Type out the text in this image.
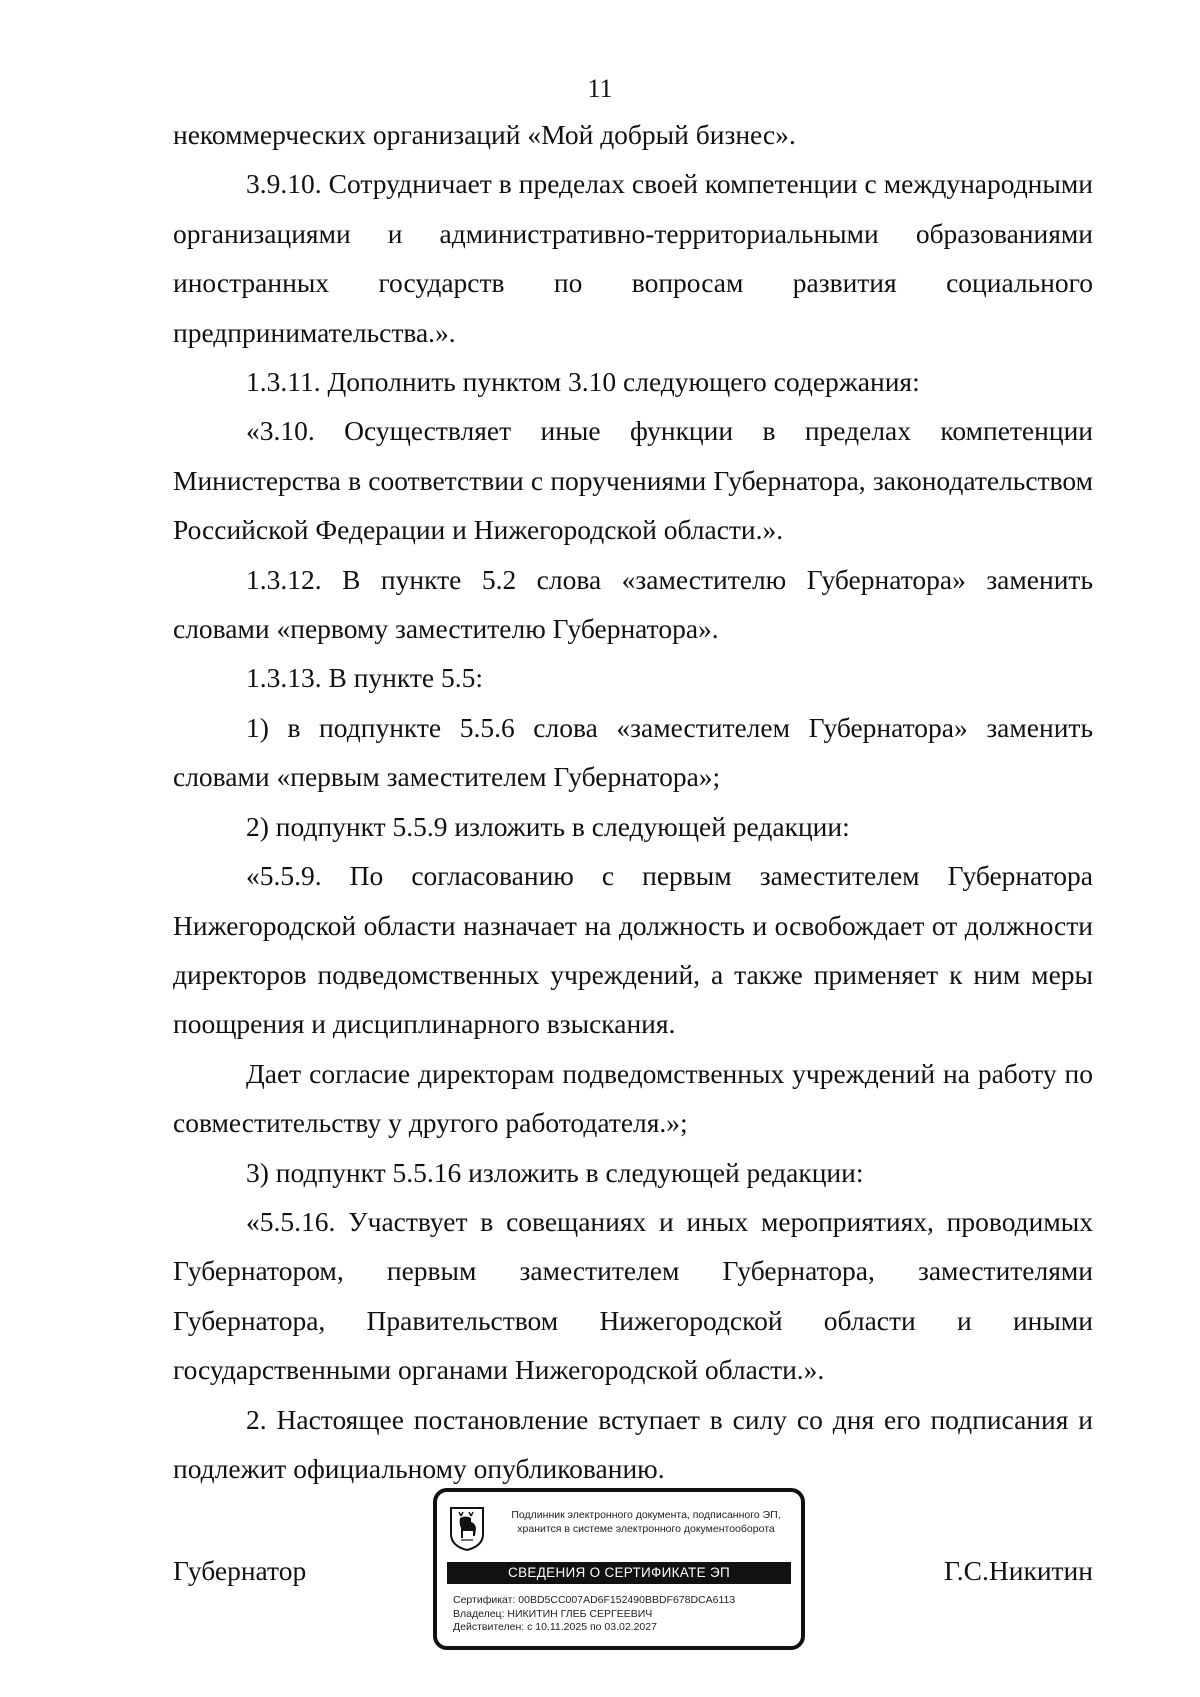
11

некоммерческих организаций «Мой добрый бизнес».

3.9.10. Сотрудничает в пределах своей компетенции с международными организациями и административно-территориальными образованиями иностранных государств по вопросам развития социального предпринимательства.».

1.3.11. Дополнить пунктом 3.10 следующего содержания:

«3.10. Осуществляет иные функции в пределах компетенции Министерства в соответствии с поручениями Губернатора, законодательством Российской Федерации и Нижегородской области.».

1.3.12. В пункте 5.2 слова «заместителю Губернатора» заменить словами «первому заместителю Губернатора».

1.3.13. В пункте 5.5:

1) в подпункте 5.5.6 слова «заместителем Губернатора» заменить словами «первым заместителем Губернатора»;

2) подпункт 5.5.9 изложить в следующей редакции:

«5.5.9. По согласованию с первым заместителем Губернатора Нижегородской области назначает на должность и освобождает от должности директоров подведомственных учреждений, а также применяет к ним меры поощрения и дисциплинарного взыскания.

Дает согласие директорам подведомственных учреждений на работу по совместительству у другого работодателя.»;

3) подпункт 5.5.16 изложить в следующей редакции:

«5.5.16. Участвует в совещаниях и иных мероприятиях, проводимых Губернатором, первым заместителем Губернатора, заместителями Губернатора, Правительством Нижегородской области и иными государственными органами Нижегородской области.».

2. Настоящее постановление вступает в силу со дня его подписания и подлежит официальному опубликованию.

Губернатор
Подлинник электронного документа, подписанного ЭП,
хранится в системе электронного документооборота
СВЕДЕНИЯ О СЕРТИФИКАТЕ ЭП
Сертификат: 00BD5CC007AD6F152490BBDF678DCA6113
Владелец: НИКИТИН ГЛЕБ СЕРГЕЕВИЧ
Действителен: с 10.11.2025 по 03.02.2027
Г.С.Никитин
